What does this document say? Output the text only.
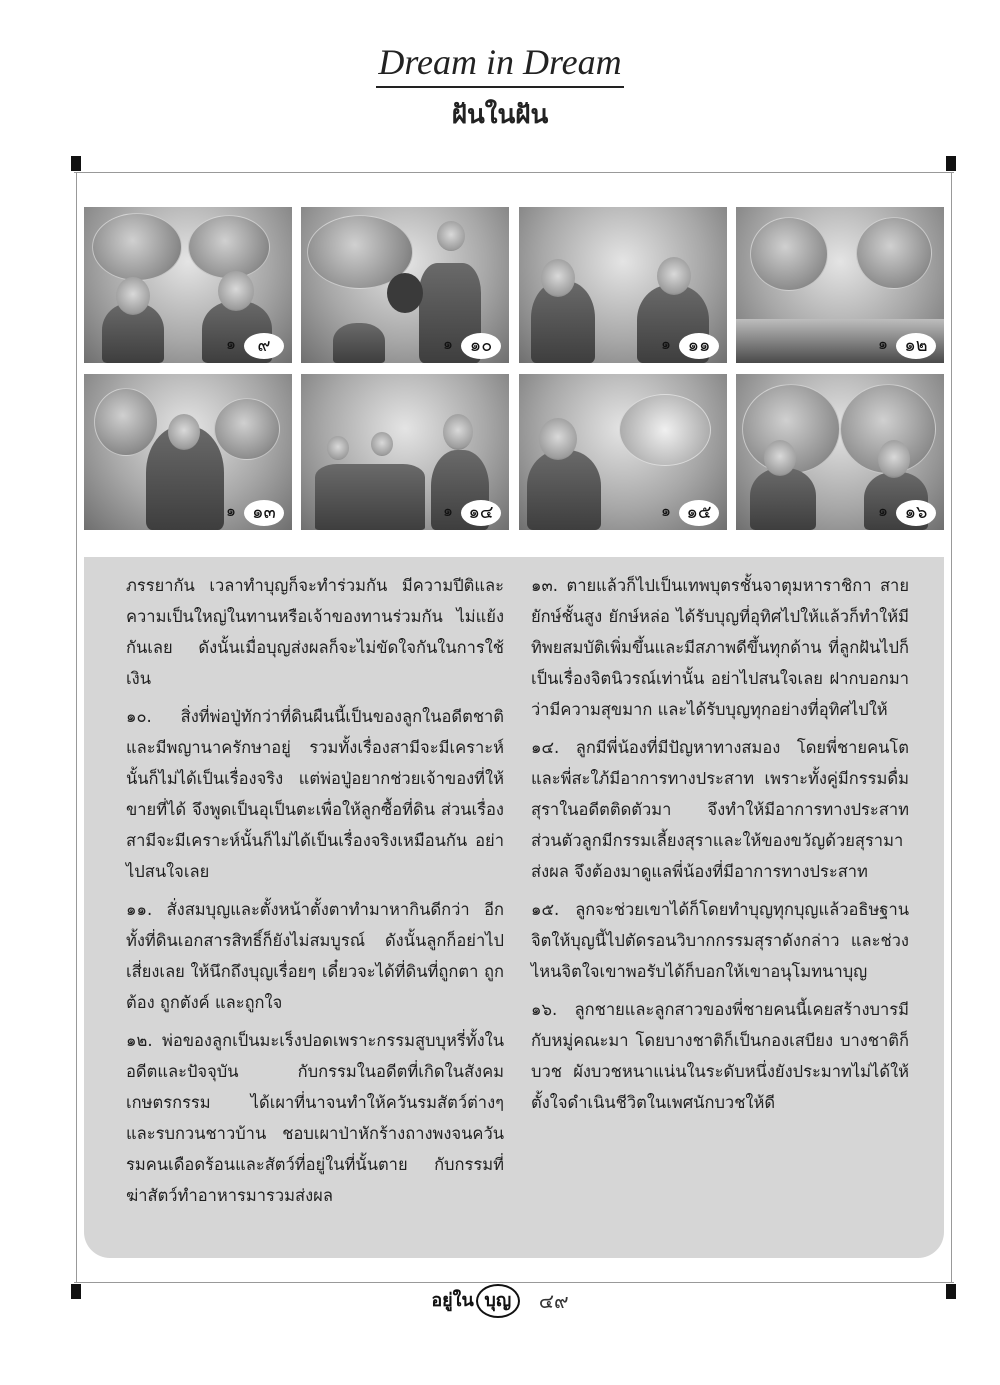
Dream in Dream
ฝันในฝัน
๑	๙	๑ ๑๐	๑ ๑๑	๑ ๑๒
๑ ๑๓	๑ ๑๔	๑ ๑๕	๑ ๑๖

ภรรยากัน เวลาทำบุญก็จะทำร่วมกัน มีความปีติและความเป็นใหญ่ในทานหรือเจ้าของทานร่วมกัน ไม่แย้งกันเลย ดังนั้นเมื่อบุญส่งผลก็จะไม่ขัดใจกันในการใช้เงิน

๑๐. สิ่งที่พ่อปู่ทักว่าที่ดินผืนนี้เป็นของลูกในอดีตชาติและมีพญานาครักษาอยู่ รวมทั้งเรื่องสามีจะมีเคราะห์นั้นก็ไม่ได้เป็นเรื่องจริง แต่พ่อปู่อยากช่วยเจ้าของที่ให้ขายที่ได้ จึงพูดเป็นอุเป็นตะเพื่อให้ลูกซื้อที่ดิน ส่วนเรื่องสามีจะมีเคราะห์นั้นก็ไม่ได้เป็นเรื่องจริงเหมือนกัน อย่าไปสนใจเลย

๑๑. สั่งสมบุญและตั้งหน้าตั้งตาทำมาหากินดีกว่า อีกทั้งที่ดินเอกสารสิทธิ์ก็ยังไม่สมบูรณ์ ดังนั้นลูกก็อย่าไปเสี่ยงเลย ให้นึกถึงบุญเรื่อยๆ เดี๋ยวจะได้ที่ดินที่ถูกตา ถูกต้อง ถูกตังค์ และถูกใจ

๑๒. พ่อของลูกเป็นมะเร็งปอดเพราะกรรมสูบบุหรี่ทั้งในอดีตและปัจจุบัน กับกรรมในอดีตที่เกิดในสังคมเกษตรกรรม ได้เผาที่นาจนทำให้ควันรมสัตว์ต่างๆ และรบกวนชาวบ้าน ชอบเผาป่าหักร้างถางพงจนควันรมคนเดือดร้อนและสัตว์ที่อยู่ในที่นั้นตาย กับกรรมที่ฆ่าสัตว์ทำอาหารมารวมส่งผล

๑๓. ตายแล้วก็ไปเป็นเทพบุตรชั้นจาตุมหาราชิกา สายยักษ์ชั้นสูง ยักษ์หล่อ ได้รับบุญที่อุทิศไปให้แล้วก็ทำให้มีทิพยสมบัติเพิ่มขึ้นและมีสภาพดีขึ้นทุกด้าน ที่ลูกฝันไปก็เป็นเรื่องจิตนิวรณ์เท่านั้น อย่าไปสนใจเลย ฝากบอกมาว่ามีความสุขมาก และได้รับบุญทุกอย่างที่อุทิศไปให้

๑๔. ลูกมีพี่น้องที่มีปัญหาทางสมอง โดยพี่ชายคนโตและพี่สะใภ้มีอาการทางประสาท เพราะทั้งคู่มีกรรมดื่มสุราในอดีตติดตัวมา จึงทำให้มีอาการทางประสาท ส่วนตัวลูกมีกรรมเลี้ยงสุราและให้ของขวัญด้วยสุรามาส่งผล จึงต้องมาดูแลพี่น้องที่มีอาการทางประสาท

๑๕. ลูกจะช่วยเขาได้ก็โดยทำบุญทุกบุญแล้วอธิษฐานจิตให้บุญนี้ไปตัดรอนวิบากกรรมสุราดังกล่าว และช่วงไหนจิตใจเขาพอรับได้ก็บอกให้เขาอนุโมทนาบุญ

๑๖. ลูกชายและลูกสาวของพี่ชายคนนี้เคยสร้างบารมีกับหมู่คณะมา โดยบางชาติก็เป็นกองเสบียง บางชาติก็บวช ผังบวชหนาแน่นในระดับหนึ่งยังประมาทไม่ได้ให้ตั้งใจดำเนินชีวิตในเพศนักบวชให้ดี

อยู่ใน บุญ ๔๙
